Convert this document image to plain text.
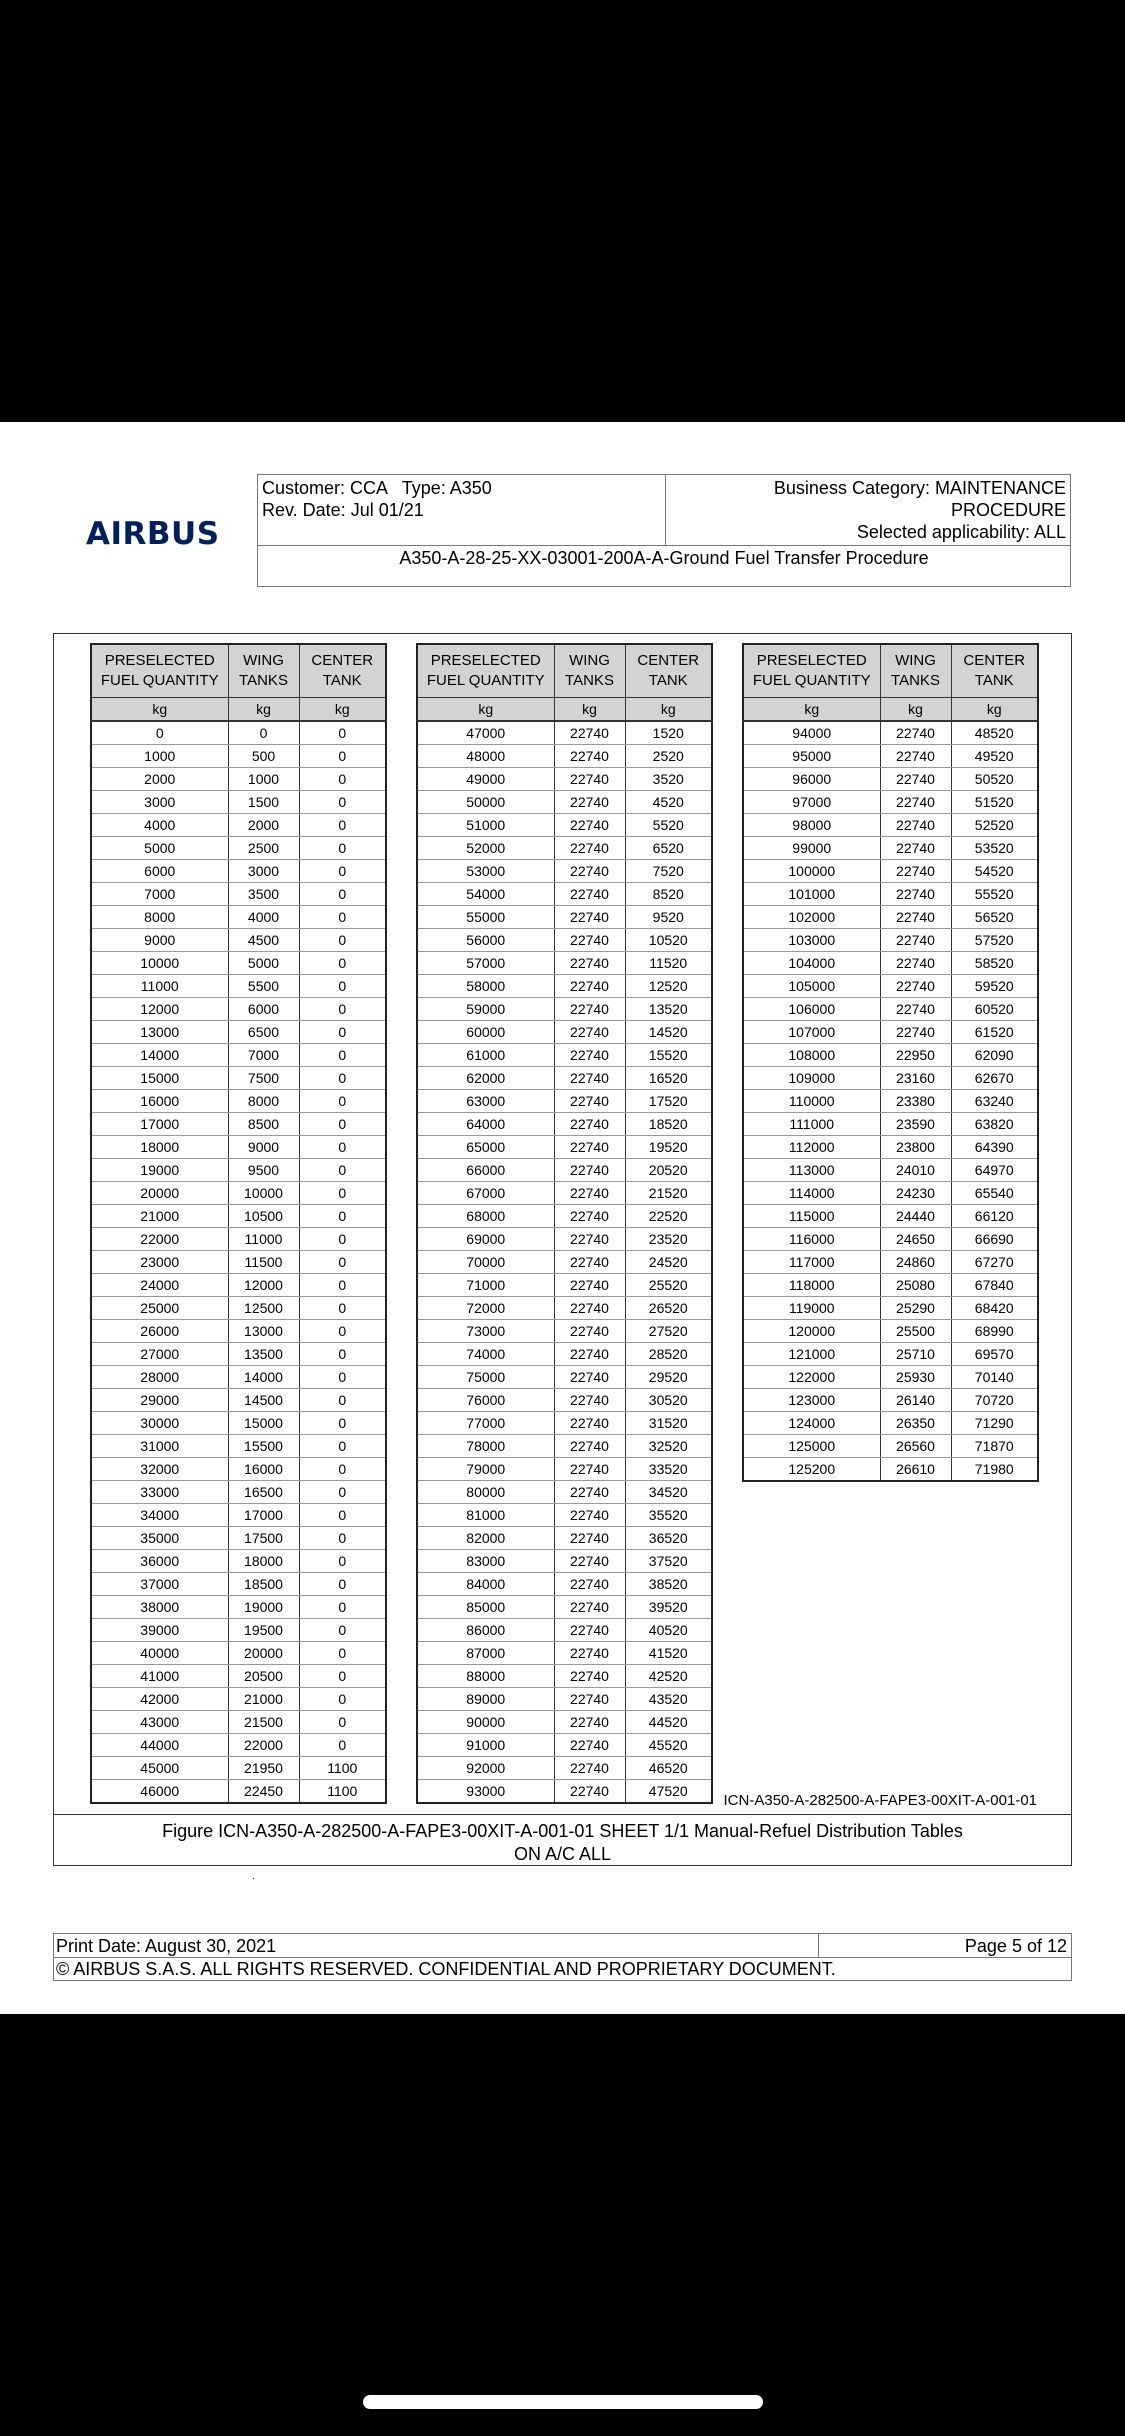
AIRBUS
Customer: CCA   Type: A350
Rev. Date: Jul 01/21
Business Category: MAINTENANCE
PROCEDURE
Selected applicability: ALL
A350-A-28-25-XX-03001-200A-A-Ground Fuel Transfer Procedure
PRESELECTED FUEL QUANTITY	WING TANKS	CENTER TANK
kg	kg	kg
0	0	0
1000	500	0
2000	1000	0
3000	1500	0
4000	2000	0
5000	2500	0
6000	3000	0
7000	3500	0
8000	4000	0
9000	4500	0
10000	5000	0
11000	5500	0
12000	6000	0
13000	6500	0
14000	7000	0
15000	7500	0
16000	8000	0
17000	8500	0
18000	9000	0
19000	9500	0
20000	10000	0
21000	10500	0
22000	11000	0
23000	11500	0
24000	12000	0
25000	12500	0
26000	13000	0
27000	13500	0
28000	14000	0
29000	14500	0
30000	15000	0
31000	15500	0
32000	16000	0
33000	16500	0
34000	17000	0
35000	17500	0
36000	18000	0
37000	18500	0
38000	19000	0
39000	19500	0
40000	20000	0
41000	20500	0
42000	21000	0
43000	21500	0
44000	22000	0
45000	21950	1100
46000	22450	1100
PRESELECTED FUEL QUANTITY	WING TANKS	CENTER TANK
kg	kg	kg
47000	22740	1520
48000	22740	2520
49000	22740	3520
50000	22740	4520
51000	22740	5520
52000	22740	6520
53000	22740	7520
54000	22740	8520
55000	22740	9520
56000	22740	10520
57000	22740	11520
58000	22740	12520
59000	22740	13520
60000	22740	14520
61000	22740	15520
62000	22740	16520
63000	22740	17520
64000	22740	18520
65000	22740	19520
66000	22740	20520
67000	22740	21520
68000	22740	22520
69000	22740	23520
70000	22740	24520
71000	22740	25520
72000	22740	26520
73000	22740	27520
74000	22740	28520
75000	22740	29520
76000	22740	30520
77000	22740	31520
78000	22740	32520
79000	22740	33520
80000	22740	34520
81000	22740	35520
82000	22740	36520
83000	22740	37520
84000	22740	38520
85000	22740	39520
86000	22740	40520
87000	22740	41520
88000	22740	42520
89000	22740	43520
90000	22740	44520
91000	22740	45520
92000	22740	46520
93000	22740	47520
PRESELECTED FUEL QUANTITY	WING TANKS	CENTER TANK
kg	kg	kg
94000	22740	48520
95000	22740	49520
96000	22740	50520
97000	22740	51520
98000	22740	52520
99000	22740	53520
100000	22740	54520
101000	22740	55520
102000	22740	56520
103000	22740	57520
104000	22740	58520
105000	22740	59520
106000	22740	60520
107000	22740	61520
108000	22950	62090
109000	23160	62670
110000	23380	63240
111000	23590	63820
112000	23800	64390
113000	24010	64970
114000	24230	65540
115000	24440	66120
116000	24650	66690
117000	24860	67270
118000	25080	67840
119000	25290	68420
120000	25500	68990
121000	25710	69570
122000	25930	70140
123000	26140	70720
124000	26350	71290
125000	26560	71870
125200	26610	71980
ICN-A350-A-282500-A-FAPE3-00XIT-A-001-01
Figure ICN-A350-A-282500-A-FAPE3-00XIT-A-001-01 SHEET 1/1 Manual-Refuel Distribution Tables
ON A/C ALL
.
Print Date: August 30, 2021	Page 5 of 12
© AIRBUS S.A.S. ALL RIGHTS RESERVED. CONFIDENTIAL AND PROPRIETARY DOCUMENT.
